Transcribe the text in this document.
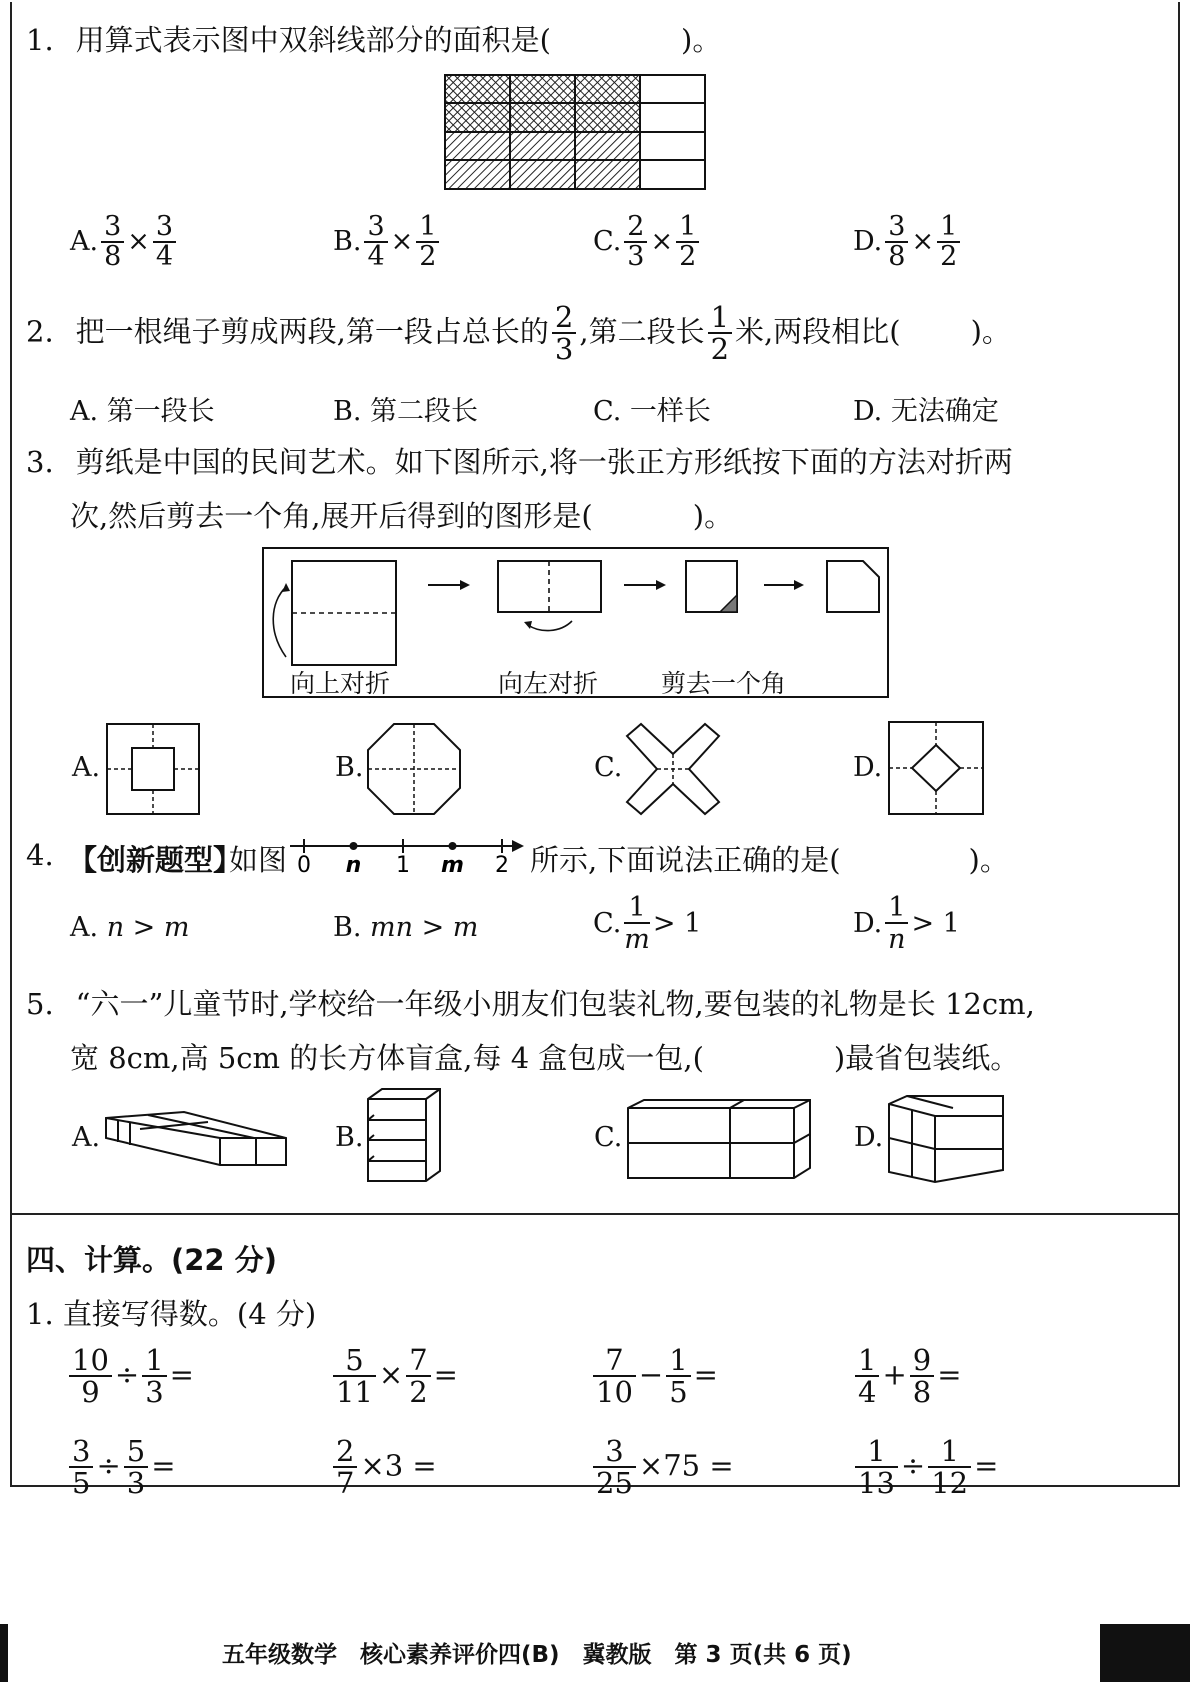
1. 用算式表示图中双斜线部分的面积是(	)。
A. $\frac{3}{8} \times \frac{3}{4}$	B. $\frac{3}{4} \times \frac{1}{2}$	C. $\frac{2}{3} \times \frac{1}{2}$	D. $\frac{3}{8} \times \frac{1}{2}$
2. 把一根绳子剪成两段,第一段占总长的 $\frac{2}{3}$ ,第二段长 $\frac{1}{2}$ 米,两段相比( )。
A. 第一段长	B. 第二段长	C. 一样长	D. 无法确定
3. 剪纸是中国的民间艺术。如下图所示,将一张正方形纸按下面的方法对折两
次,然后剪去一个角,展开后得到的图形是(	)。
向上对折	向左对折	剪去一个角
A.	B.	C.	D.
4. 【创新题型】
如图 0 n 1 m 2 所示,下面说法正确的是(	)。
A. n > m	B. mn > m	C. $\frac{1}{m} > 1$	D. $\frac{1}{n} > 1$
5. “六一”儿童节时,学校给一年级小朋友们包装礼物,要包装的礼物是长 12cm,
宽 8cm,高 5cm 的长方体盲盒,每 4 盒包成一包,(	)最省包装纸。
A.	B.	C.	D.
四、计算。(22 分)
1. 直接写得数。(4 分)
$\frac{10}{9} \div \frac{1}{3}$ =	$\frac{5}{11} \times \frac{7}{2}$ =	$\frac{7}{10} - \frac{1}{5}$ =	$\frac{1}{4} + \frac{9}{8}$ =
$\frac{3}{5} \div \frac{5}{3}$ =	$\frac{2}{7} \times 3$ =	$\frac{3}{25} \times 75$ =	$\frac{1}{13} \div \frac{1}{12}$ =
五年级数学　核心素养评价四(B)　冀教版　第 3 页(共 6 页)
